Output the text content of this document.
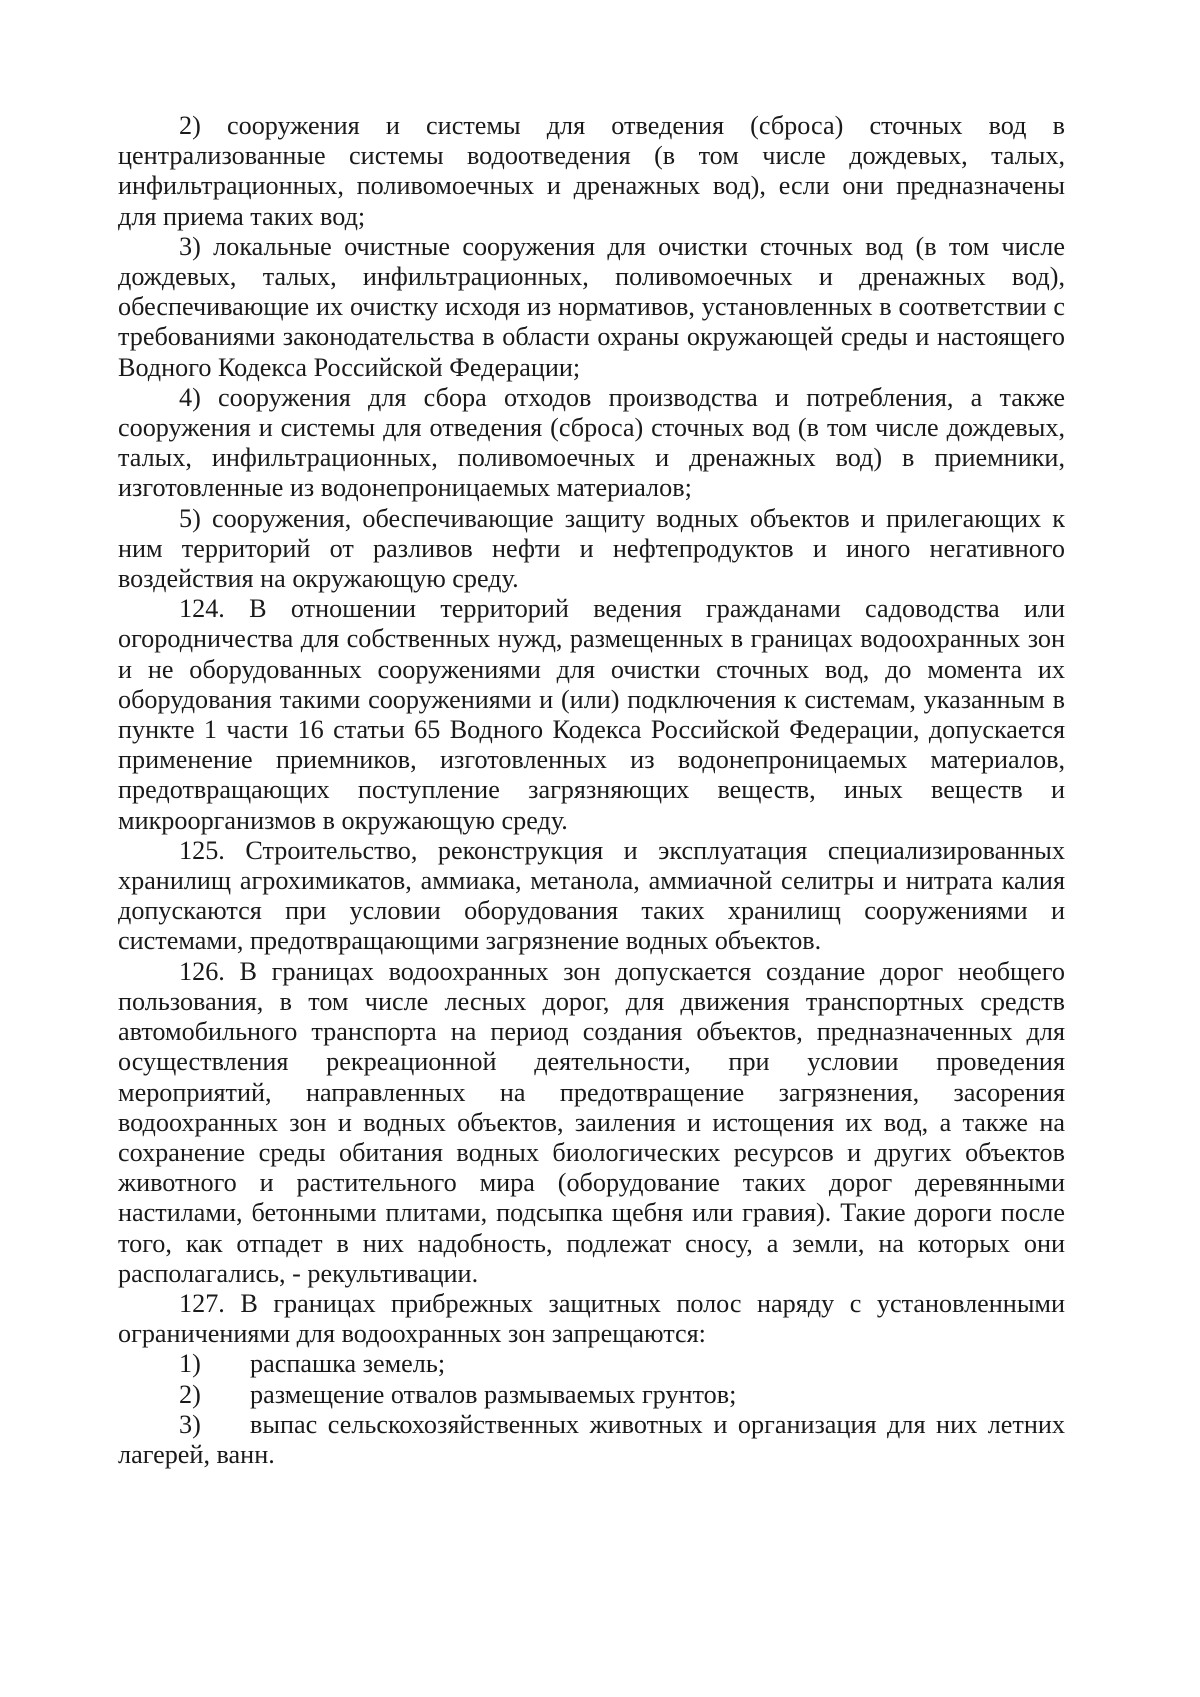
2) сооружения и системы для отведения (сброса) сточных вод в централизованные системы водоотведения (в том числе дождевых, талых, инфильтрационных, поливомоечных и дренажных вод), если они предназначены для приема таких вод;

3) локальные очистные сооружения для очистки сточных вод (в том числе дождевых, талых, инфильтрационных, поливомоечных и дренажных вод), обеспечивающие их очистку исходя из нормативов, установленных в соответствии с требованиями законодательства в области охраны окружающей среды и настоящего Водного Кодекса Российской Федерации;

4) сооружения для сбора отходов производства и потребления, а также сооружения и системы для отведения (сброса) сточных вод (в том числе дождевых, талых, инфильтрационных, поливомоечных и дренажных вод) в приемники, изготовленные из водонепроницаемых материалов;

5) сооружения, обеспечивающие защиту водных объектов и прилегающих к ним территорий от разливов нефти и нефтепродуктов и иного негативного воздействия на окружающую среду.

124. В отношении территорий ведения гражданами садоводства или огородничества для собственных нужд, размещенных в границах водоохранных зон и не оборудованных сооружениями для очистки сточных вод, до момента их оборудования такими сооружениями и (или) подключения к системам, указанным в пункте 1 части 16 статьи 65 Водного Кодекса Российской Федерации, допускается применение приемников, изготовленных из водонепроницаемых материалов, предотвращающих поступление загрязняющих веществ, иных веществ и микроорганизмов в окружающую среду.

125. Строительство, реконструкция и эксплуатация специализированных хранилищ агрохимикатов, аммиака, метанола, аммиачной селитры и нитрата калия допускаются при условии оборудования таких хранилищ сооружениями и системами, предотвращающими загрязнение водных объектов.

126. В границах водоохранных зон допускается создание дорог необщего пользования, в том числе лесных дорог, для движения транспортных средств автомобильного транспорта на период создания объектов, предназначенных для осуществления рекреационной деятельности, при условии проведения мероприятий, направленных на предотвращение загрязнения, засорения водоохранных зон и водных объектов, заиления и истощения их вод, а также на сохранение среды обитания водных биологических ресурсов и других объектов животного и растительного мира (оборудование таких дорог деревянными настилами, бетонными плитами, подсыпка щебня или гравия). Такие дороги после того, как отпадет в них надобность, подлежат сносу, а земли, на которых они располагались, - рекультивации.

127. В границах прибрежных защитных полос наряду с установленными ограничениями для водоохранных зон запрещаются:

1)	распашка земель;
2)	размещение отвалов размываемых грунтов;

3) выпас сельскохозяйственных животных и организация для них летних лагерей, ванн.
